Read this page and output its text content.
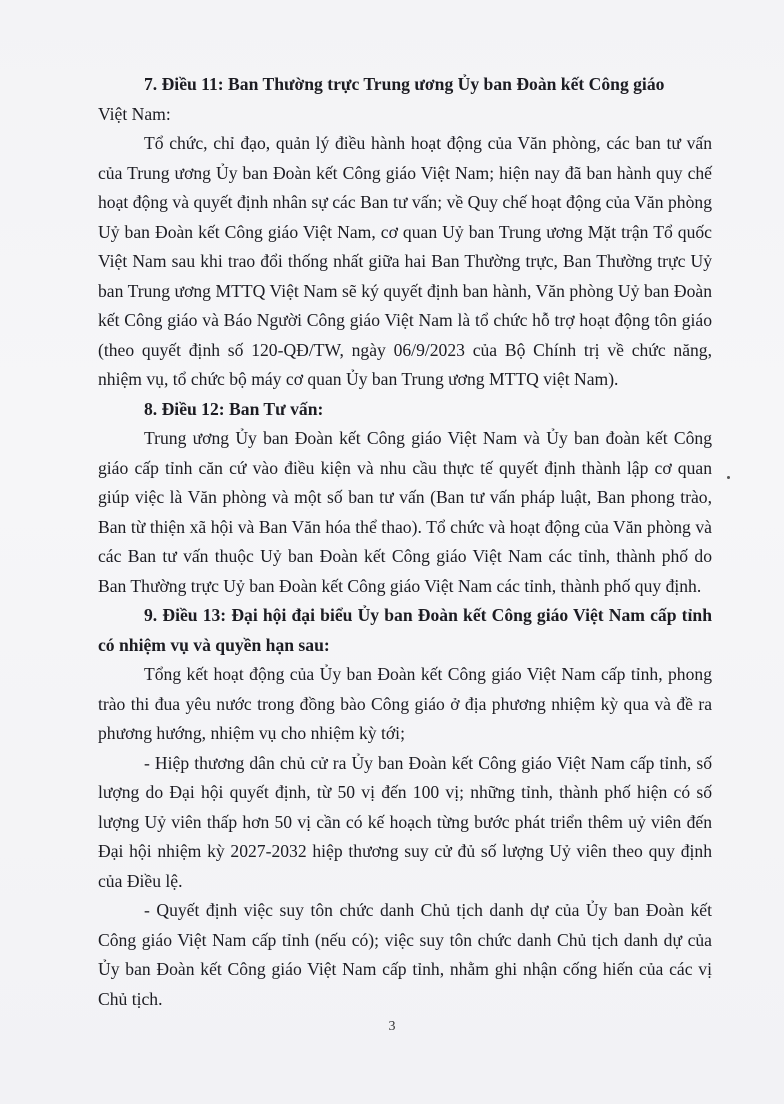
7. Điều 11: Ban Thường trực Trung ương Ủy ban Đoàn kết Công giáo

Việt Nam:

Tổ chức, chỉ đạo, quản lý điều hành hoạt động của Văn phòng, các ban tư vấn của Trung ương Ủy ban Đoàn kết Công giáo Việt Nam; hiện nay đã ban hành quy chế hoạt động và quyết định nhân sự các Ban tư vấn; về Quy chế hoạt động của Văn phòng Uỷ ban Đoàn kết Công giáo Việt Nam, cơ quan Uỷ ban Trung ương Mặt trận Tổ quốc Việt Nam sau khi trao đổi thống nhất giữa hai Ban Thường trực, Ban Thường trực Uỷ ban Trung ương MTTQ Việt Nam sẽ ký quyết định ban hành, Văn phòng Uỷ ban Đoàn kết Công giáo và Báo Người Công giáo Việt Nam là tổ chức hỗ trợ hoạt động tôn giáo (theo quyết định số 120-QĐ/TW, ngày 06/9/2023 của Bộ Chính trị về chức năng, nhiệm vụ, tổ chức bộ máy cơ quan Ủy ban Trung ương MTTQ việt Nam).

8. Điều 12: Ban Tư vấn:

Trung ương Ủy ban Đoàn kết Công giáo Việt Nam và Ủy ban đoàn kết Công giáo cấp tỉnh căn cứ vào điều kiện và nhu cầu thực tế quyết định thành lập cơ quan giúp việc là Văn phòng và một số ban tư vấn (Ban tư vấn pháp luật, Ban phong trào, Ban từ thiện xã hội và Ban Văn hóa thể thao). Tổ chức và hoạt động của Văn phòng và các Ban tư vấn thuộc Uỷ ban Đoàn kết Công giáo Việt Nam các tỉnh, thành phố do Ban Thường trực Uỷ ban Đoàn kết Công giáo Việt Nam các tỉnh, thành phố quy định.

9. Điều 13: Đại hội đại biểu Ủy ban Đoàn kết Công giáo Việt Nam cấp tỉnh có nhiệm vụ và quyền hạn sau:

Tổng kết hoạt động của Ủy ban Đoàn kết Công giáo Việt Nam cấp tỉnh, phong trào thi đua yêu nước trong đồng bào Công giáo ở địa phương nhiệm kỳ qua và đề ra phương hướng, nhiệm vụ cho nhiệm kỳ tới;

- Hiệp thương dân chủ cử ra Ủy ban Đoàn kết Công giáo Việt Nam cấp tỉnh, số lượng do Đại hội quyết định, từ 50 vị đến 100 vị; những tỉnh, thành phố hiện có số lượng Uỷ viên thấp hơn 50 vị cần có kế hoạch từng bước phát triển thêm uỷ viên đến Đại hội nhiệm kỳ 2027-2032 hiệp thương suy cử đủ số lượng Uỷ viên theo quy định của Điều lệ.

- Quyết định việc suy tôn chức danh Chủ tịch danh dự của Ủy ban Đoàn kết Công giáo Việt Nam cấp tỉnh (nếu có); việc suy tôn chức danh Chủ tịch danh dự của Ủy ban Đoàn kết Công giáo Việt Nam cấp tỉnh, nhằm ghi nhận cống hiến của các vị Chủ tịch.

3
